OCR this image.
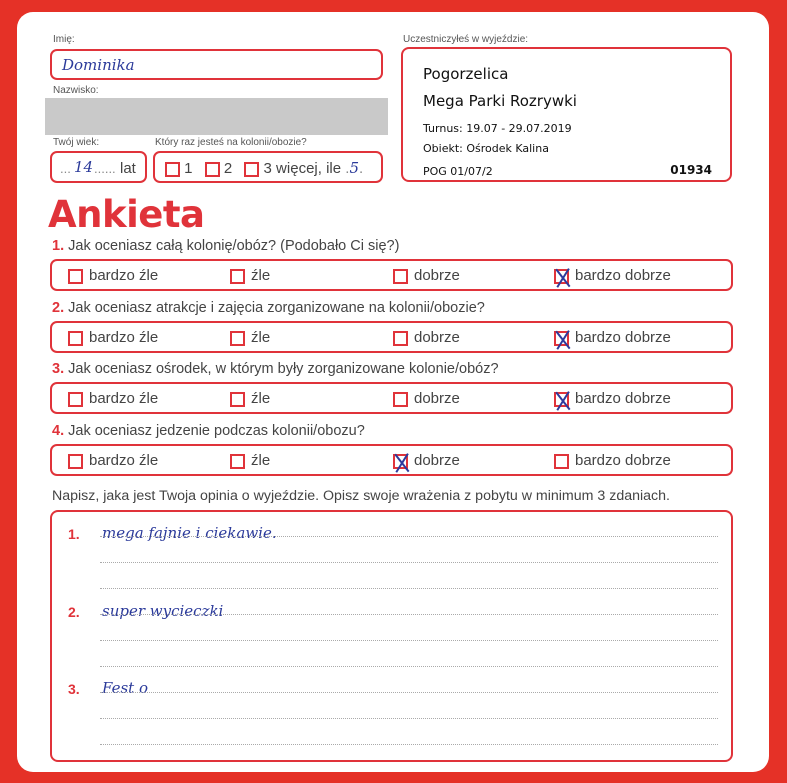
Imię:
Dominika
Nazwisko:
Twój wiek:
... 14 ...... lat
Który raz jesteś na kolonii/obozie?
1 2 3 więcej, ile .5.
Uczestniczyłeś w wyjeździe:
Pogorzelica
Mega Parki Rozrywki
Turnus: 19.07 - 29.07.2019
Obiekt: Ośrodek Kalina
POG 01/07/2	01934
Ankieta
1. Jak oceniasz całą kolonię/obóz? (Podobało Ci się?)
bardzo źle	źle	dobrze	bardzo dobrze
2. Jak oceniasz atrakcje i zajęcia zorganizowane na kolonii/obozie?
bardzo źle	źle	dobrze	bardzo dobrze
3. Jak oceniasz ośrodek, w którym były zorganizowane kolonie/obóz?
bardzo źle	źle	dobrze	bardzo dobrze
4. Jak oceniasz jedzenie podczas kolonii/obozu?
bardzo źle	źle	dobrze	bardzo dobrze
Napisz, jaka jest Twoja opinia o wyjeździe. Opisz swoje wrażenia z pobytu w minimum 3 zdaniach.
1. mega fajnie i ciekawie.
2. super wycieczki
3. Fest o
